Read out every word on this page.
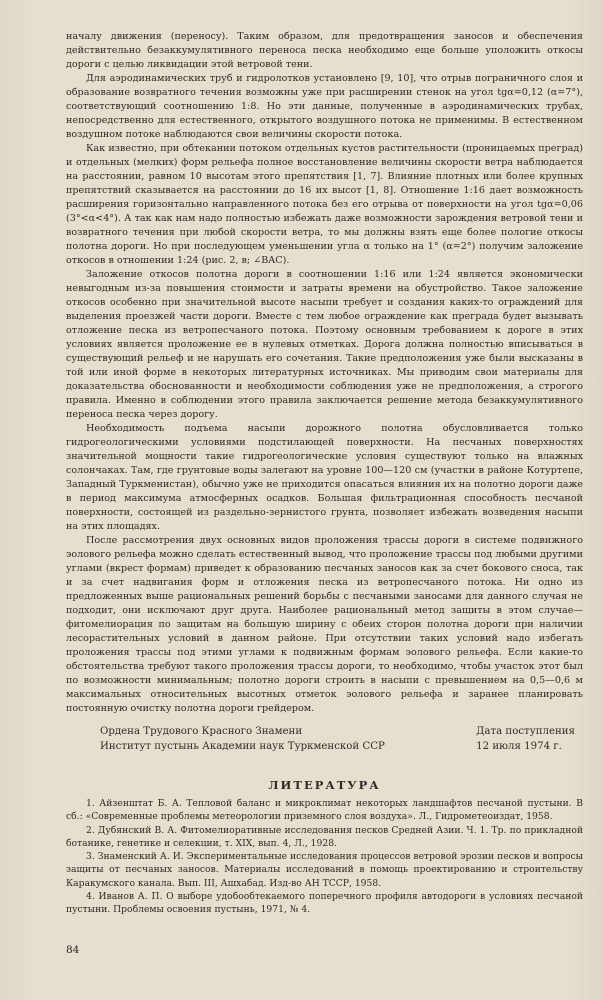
началу движения (переносу). Таким образом, для предотвращения заносов и обеспечения действительно безаккумулятивного переноса песка необходимо еще больше уположить откосы дороги с целью ликвидации этой ветровой тени.

Для аэродинамических труб и гидролотков установлено [9, 10], что отрыв пограничного слоя и образование возвратного течения возможны уже при расширении стенок на угол tgα=0,12 (α=7°), соответствующий соотношению 1:8. Но эти данные, полученные в аэродинамических трубах, непосредственно для естественного, открытого воздушного потока не применимы. В естественном воздушном потоке наблюдаются свои величины скорости потока.

Как известно, при обтекании потоком отдельных кустов растительности (проницаемых преград) и отдельных (мелких) форм рельефа полное восстановление величины скорости ветра наблюдается на расстоянии, равном 10 высотам этого препятствия [1, 7]. Влияние плотных или более крупных препятствий сказывается на расстоянии до 16 их высот [1, 8]. Отношение 1:16 дает возможность расширения горизонтально направленного потока без его отрыва от поверхности на угол tgα=0,06 (3°<α<4°). А так как нам надо полностью избежать даже возможности зарождения ветровой тени и возвратного течения при любой скорости ветра, то мы должны взять еще более пологие откосы полотна дороги. Но при последующем уменьшении угла α только на 1° (α=2°) получим заложение откосов в отношении 1:24 (рис. 2, в; ∠BAC).

Заложение откосов полотна дороги в соотношении 1:16 или 1:24 является экономически невыгодным из-за повышения стоимости и затраты времени на обустройство. Такое заложение откосов особенно при значительной высоте насыпи требует и создания каких-то ограждений для выделения проезжей части дороги. Вместе с тем любое ограждение как преграда будет вызывать отложение песка из ветропесчаного потока. Поэтому основным требованием к дороге в этих условиях является проложение ее в нулевых отметках. Дорога должна полностью вписываться в существующий рельеф и не нарушать его сочетания. Такие предположения уже были высказаны в той или иной форме в некоторых литературных источниках. Мы приводим свои материалы для доказательства обоснованности и необходимости соблюдения уже не предположения, а строгого правила. Именно в соблюдении этого правила заключается решение метода безаккумулятивного переноса песка через дорогу.

Необходимость подъема насыпи дорожного полотна обусловливается только гидрогеологическими условиями подстилающей поверхности. На песчаных поверхностях значительной мощности такие гидрогеологические условия существуют только на влажных солончаках. Там, где грунтовые воды залегают на уровне 100—120 см (участки в районе Котуртепе, Западный Туркменистан), обычно уже не приходится опасаться влияния их на полотно дороги даже в период максимума атмосферных осадков. Большая фильтрационная способность песчаной поверхности, состоящей из раздельно-зернистого грунта, позволяет избежать возведения насыпи на этих площадях.

После рассмотрения двух основных видов проложения трассы дороги в системе подвижного эолового рельефа можно сделать естественный вывод, что проложение трассы под любыми другими углами (вкрест формам) приведет к образованию песчаных заносов как за счет бокового сноса, так и за счет надвигания форм и отложения песка из ветропесчаного потока. Ни одно из предложенных выше рациональных решений борьбы с песчаными заносами для данного случая не подходит, они исключают друг друга. Наиболее рациональный метод защиты в этом случае—фитомелиорация по защитам на большую ширину с обеих сторон полотна дороги при наличии лесорастительных условий в данном районе. При отсутствии таких условий надо избегать проложения трассы под этими углами к подвижным формам эолового рельефа. Если какие-то обстоятельства требуют такого проложения трассы дороги, то необходимо, чтобы участок этот был по возможности минимальным; полотно дороги строить в насыпи с превышением на 0,5—0,6 м максимальных относительных высотных отметок эолового рельефа и заранее планировать постоянную очистку полотна дороги грейдером.

Ордена Трудового Красного Знамени
Институт пустынь Академии наук Туркменской ССР
Дата поступления
12 июля 1974 г.
ЛИТЕРАТУРА

1. Айзенштат Б. А. Тепловой баланс и микроклимат некоторых ландшафтов песчаной пустыни. В сб.: «Современные проблемы метеорологии приземного слоя воздуха». Л., Гидрометеоиздат, 1958.

2. Дубянский В. А. Фитомелиоративные исследования песков Средней Азии. Ч. 1. Тр. по прикладной ботанике, генетике и селекции, т. XIX, вып. 4, Л., 1928.

3. Знаменский А. И. Экспериментальные исследования процессов ветровой эрозии песков и вопросы защиты от песчаных заносов. Материалы исследований в помощь проектированию и строительству Каракумского канала. Вып. III, Ашхабад. Изд-во АН ТССР, 1958.

4. Иванов А. П. О выборе удобообтекаемого поперечного профиля автодороги в условиях песчаной пустыни. Проблемы освоения пустынь, 1971, № 4.

84
